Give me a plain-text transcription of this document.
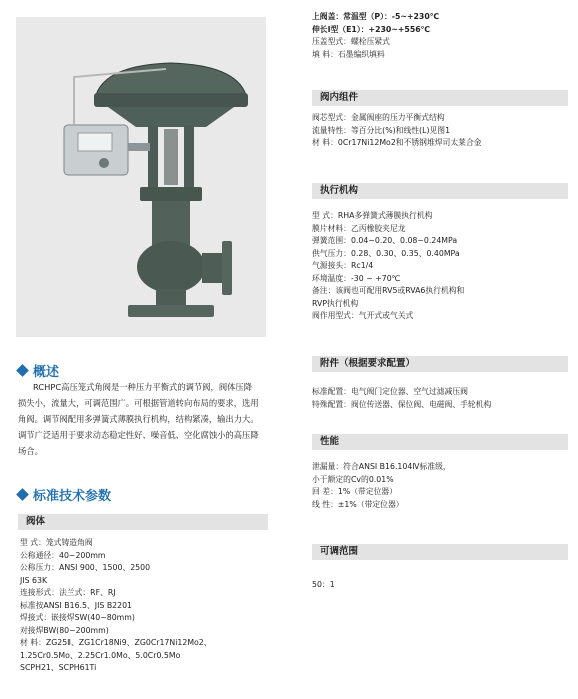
概述
RCHPC高压笼式角阀是一种压力平衡式的调节阀，阀体压降
损失小，流量大，可调范围广。可根据管道转向布局的要求，选用
角阀。调节阀配用多弹簧式薄膜执行机构，结构紧凑，输出力大。
调节广泛适用于要求动态稳定性好、噪音低、空化腐蚀小的高压降
场合。
标准技术参数
阀体
型 式：笼式铸造角阀
公称通径：40~200mm
公称压力：ANSI 900、1500、2500
JIS 63K
连接形式：法兰式：RF、RJ
标准按ANSI B16.5、JIS B2201
焊接式：嵌接焊SW(40~80mm)
对接焊BW(80~200mm)
材 料：ZG25Ⅱ、ZG1Cr18Ni9、ZG0Cr17Ni12Mo2、
1.25Cr0.5Mo、2.25Cr1.0Mo、5.0Cr0.5Mo
SCPH21、SCPH61Ti
上阀盖：常温型（P）：-5~+230℃
伸长Ⅰ型（E1）：+230~+556℃
压盖型式：螺栓压紧式
填 料：石墨编织填料
阀内组件
阀芯型式：金属阀座的压力平衡式结构
流量特性：等百分比(%)和线性(L)见图1
材 料：0Cr17Ni12Mo2和不锈钢堆焊司太莱合金
执行机构
型 式：RHA多弹簧式薄膜执行机构
膜片材料：乙丙橡胶夹尼龙
弹簧范围：0.04~0.20、0.08~0.24MPa
供气压力：0.28、0.30、0.35、0.40MPa
气源接头：Rc1/4
环境温度：-30 ~ +70℃
备注：该阀也可配用RV5或RVA6执行机构和
RVP执行机构
阀作用型式：气开式或气关式
附件（根据要求配置）
标准配置：电气阀门定位器、空气过滤减压阀
特殊配置：阀位传送器、保位阀、电磁阀、手轮机构
性能
泄漏量：符合ANSI B16.104Ⅳ标准级，
小于额定的Cv的0.01%
回 差：1%（带定位器）
线 性：±1%（带定位器）
可调范围
50：1
